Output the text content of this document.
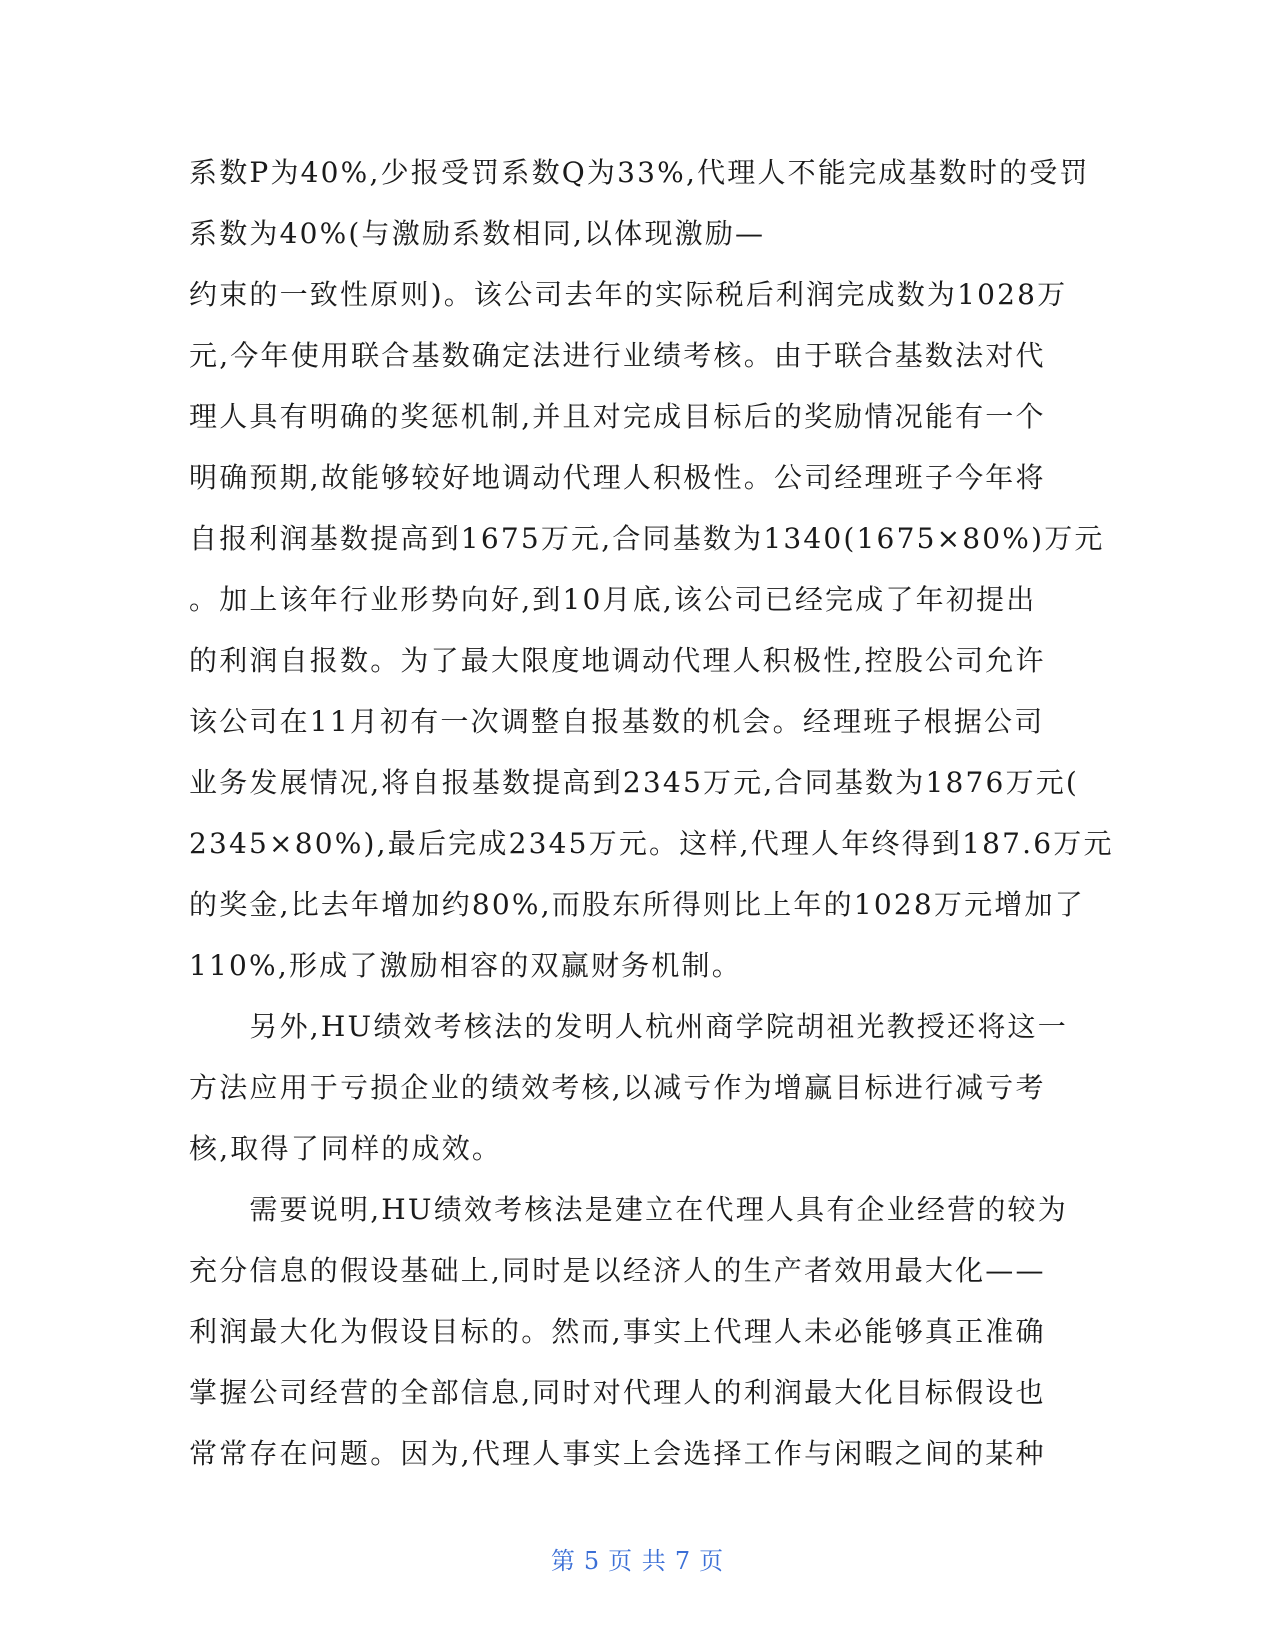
系数P为40%,少报受罚系数Q为33%,代理人不能完成基数时的受罚
系数为40%(与激励系数相同,以体现激励—
约束的一致性原则)。该公司去年的实际税后利润完成数为1028万
元,今年使用联合基数确定法进行业绩考核。由于联合基数法对代
理人具有明确的奖惩机制,并且对完成目标后的奖励情况能有一个
明确预期,故能够较好地调动代理人积极性。公司经理班子今年将
自报利润基数提高到1675万元,合同基数为1340(1675×80%)万元
。加上该年行业形势向好,到10月底,该公司已经完成了年初提出
的利润自报数。为了最大限度地调动代理人积极性,控股公司允许
该公司在11月初有一次调整自报基数的机会。经理班子根据公司
业务发展情况,将自报基数提高到2345万元,合同基数为1876万元(
2345×80%),最后完成2345万元。这样,代理人年终得到187.6万元
的奖金,比去年增加约80%,而股东所得则比上年的1028万元增加了
110%,形成了激励相容的双赢财务机制。
　　另外,HU绩效考核法的发明人杭州商学院胡祖光教授还将这一
方法应用于亏损企业的绩效考核,以减亏作为增赢目标进行减亏考
核,取得了同样的成效。
　　需要说明,HU绩效考核法是建立在代理人具有企业经营的较为
充分信息的假设基础上,同时是以经济人的生产者效用最大化——
利润最大化为假设目标的。然而,事实上代理人未必能够真正准确
掌握公司经营的全部信息,同时对代理人的利润最大化目标假设也
常常存在问题。因为,代理人事实上会选择工作与闲暇之间的某种
第 5 页 共 7 页
